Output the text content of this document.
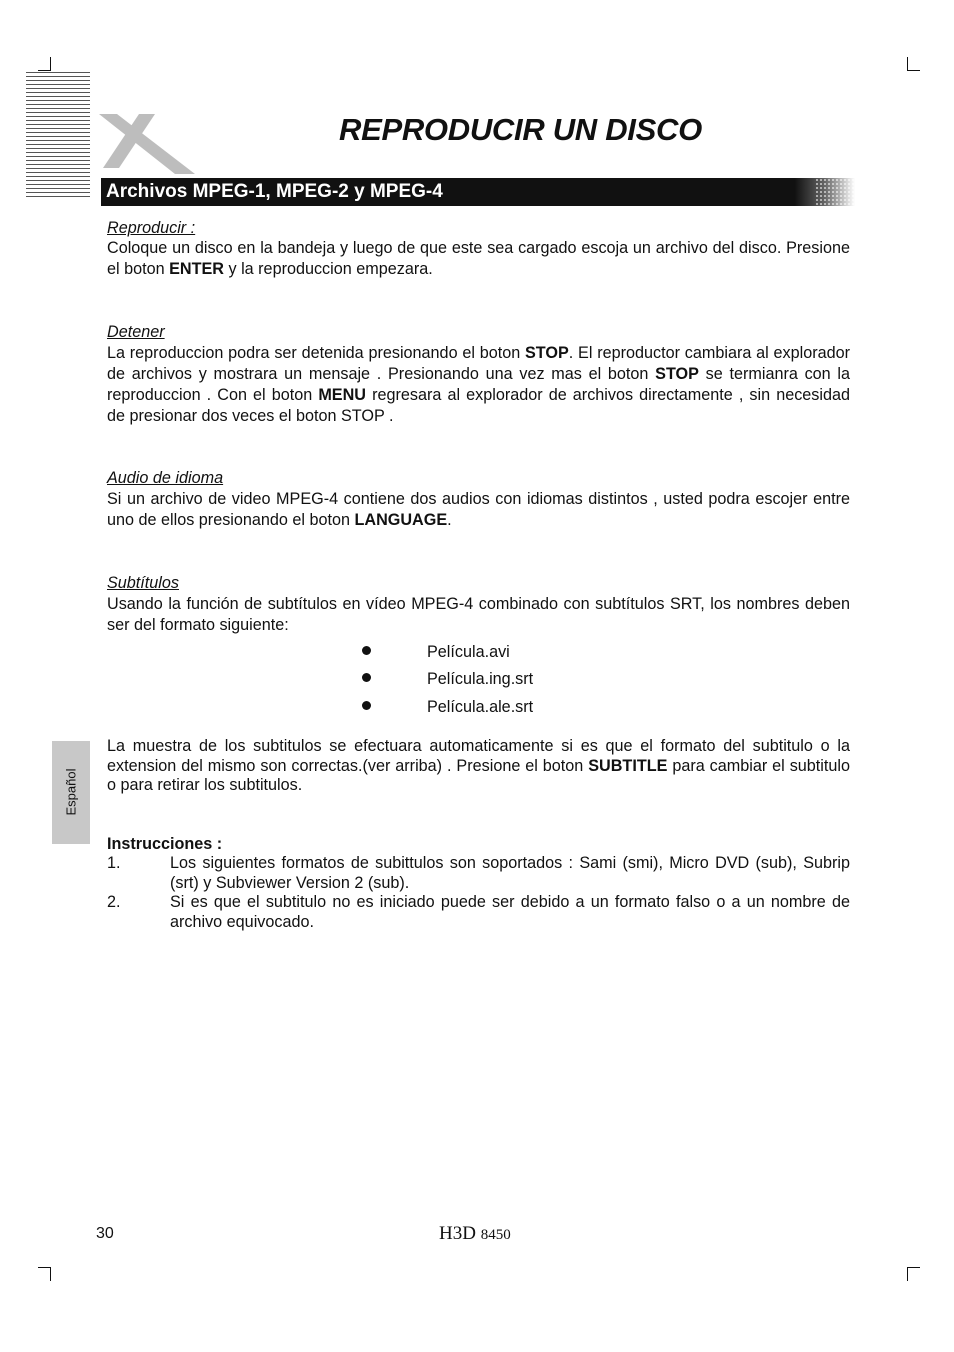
X
REPRODUCIR UN DISCO
Archivos MPEG-1, MPEG-2 y MPEG-4
Reproducir :
Coloque un disco en la bandeja y luego de que este sea cargado escoja un archivo del disco. Presione el boton ENTER y la reproduccion empezara.
Detener
La reproduccion podra ser detenida presionando el boton STOP. El reproductor cambiara al explorador de archivos y mostrara un mensaje . Presionando una vez mas el boton STOP se termianra con la reproduccion . Con el boton MENU regresara al explorador de archivos directamente , sin necesidad de presionar dos veces el boton STOP .
Audio de idioma
Si un archivo de video MPEG-4 contiene dos audios con idiomas distintos , usted podra escojer entre uno de ellos presionando el boton LANGUAGE.
Subtítulos
Usando la función de subtítulos en vídeo MPEG-4 combinado con subtítulos SRT, los nombres deben ser del formato siguiente:
Película.avi
Película.ing.srt
Película.ale.srt
La muestra de los subtitulos se efectuara automaticamente si es que el formato del subtitulo o la extension del mismo son correctas.(ver arriba) . Presione el boton SUBTITLE para cambiar el subtitulo o para retirar los subtitulos.
Instrucciones :
1.	Los siguientes formatos de subittulos son soportados : Sami (smi), Micro DVD (sub), Subrip (srt) y Subviewer Version 2 (sub).
2.	Si es que el subtitulo no es iniciado puede ser debido a un formato falso o a un nombre de archivo equivocado.
Español
30	H3D 8450
